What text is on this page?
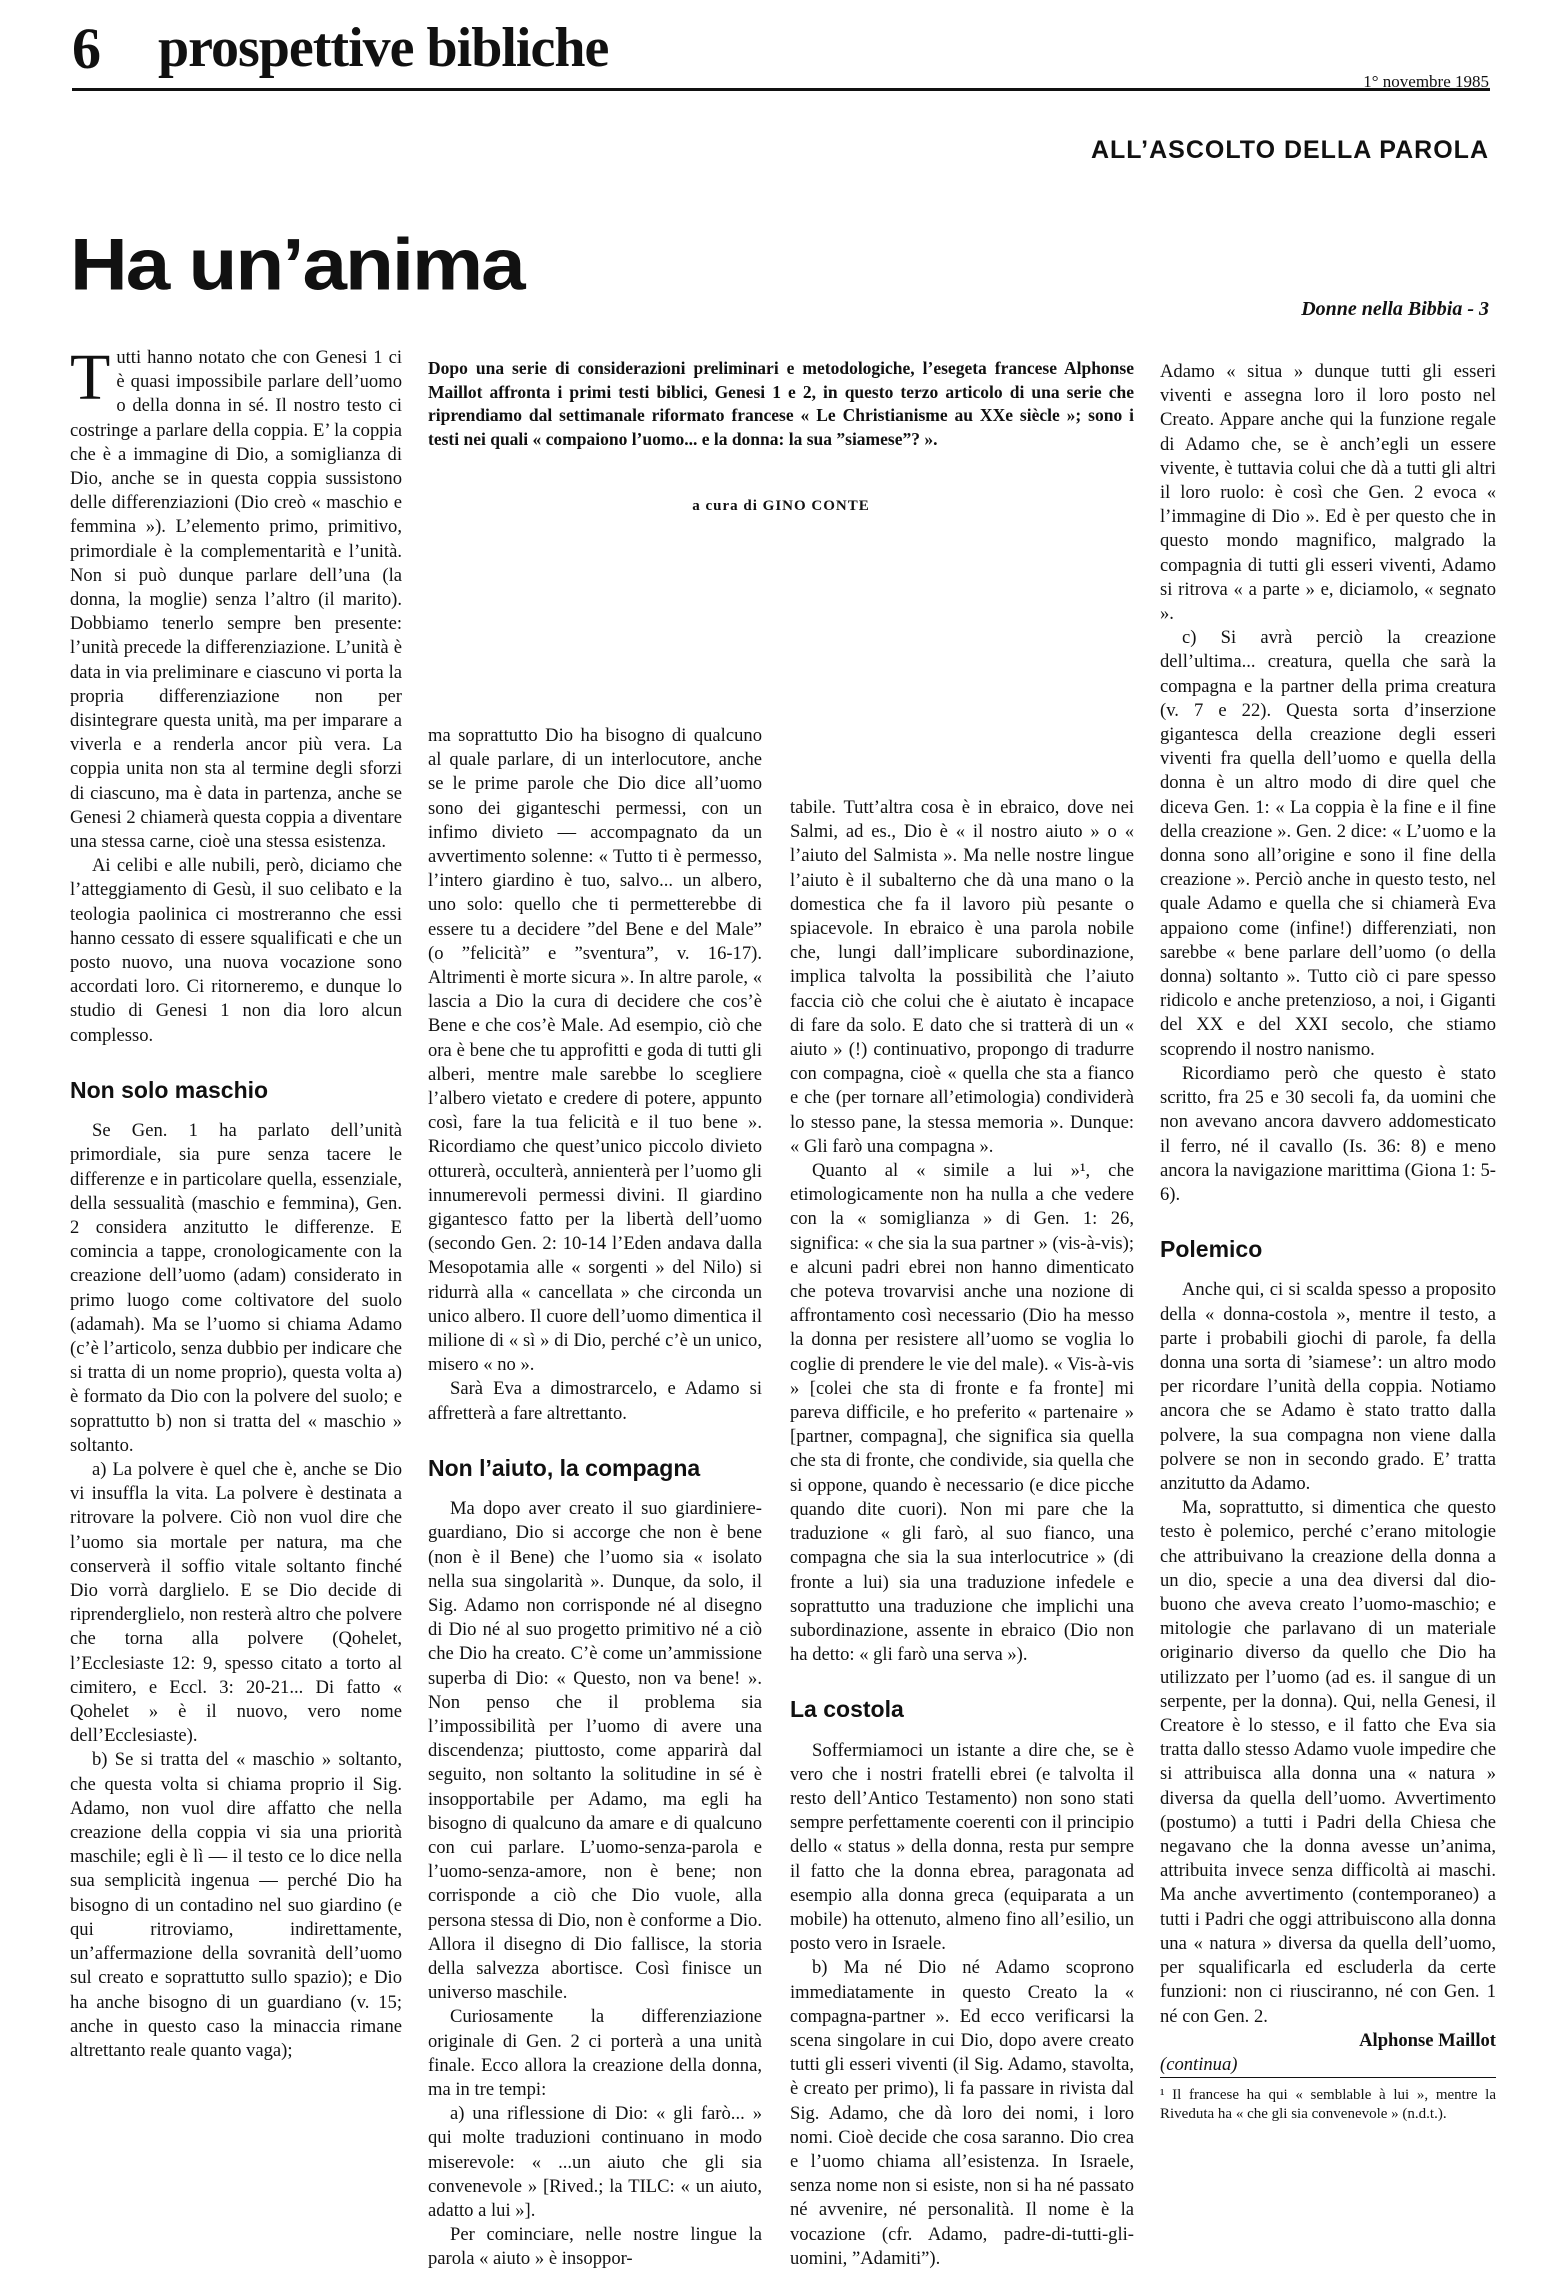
6 prospettive bibliche
1° novembre 1985
ALL’ASCOLTO DELLA PAROLA
Ha un’anima
Donne nella Bibbia - 3
Dopo una serie di considerazioni preliminari e metodologiche, l’esegeta francese Alphonse Maillot affronta i primi testi biblici, Genesi 1 e 2, in questo terzo articolo di una serie che riprendiamo dal settimanale riformato francese « Le Christianisme au XXe siècle »; sono i testi nei quali « compaiono l’uomo... e la donna: la sua ”siamese”? ».
a cura di GINO CONTE

Tutti hanno notato che con Genesi 1 ci è quasi impossibile parlare dell’uomo o della donna in sé. Il nostro testo ci costringe a parlare della coppia. E’ la coppia che è a immagine di Dio, a somiglianza di Dio, anche se in questa coppia sussistono delle differenziazioni (Dio creò « maschio e femmina »). L’elemento primo, primitivo, primordiale è la complementarità e l’unità. Non si può dunque parlare dell’una (la donna, la moglie) senza l’altro (il marito). Dobbiamo tenerlo sempre ben presente: l’unità precede la differenziazione. L’unità è data in via preliminare e ciascuno vi porta la propria differenziazione non per disintegrare questa unità, ma per imparare a viverla e a renderla ancor più vera. La coppia unita non sta al termine degli sforzi di ciascuno, ma è data in partenza, anche se Genesi 2 chiamerà questa coppia a diventare una stessa carne, cioè una stessa esistenza.

Ai celibi e alle nubili, però, diciamo che l’atteggiamento di Gesù, il suo celibato e la teologia paolinica ci mostreranno che essi hanno cessato di essere squalificati e che un posto nuovo, una nuova vocazione sono accordati loro. Ci ritorneremo, e dunque lo studio di Genesi 1 non dia loro alcun complesso.

Non solo maschio

Se Gen. 1 ha parlato dell’unità primordiale, sia pure senza tacere le differenze e in particolare quella, essenziale, della sessualità (maschio e femmina), Gen. 2 considera anzitutto le differenze. E comincia a tappe, cronologicamente con la creazione dell’uomo (adam) considerato in primo luogo come coltivatore del suolo (adamah). Ma se l’uomo si chiama Adamo (c’è l’articolo, senza dubbio per indicare che si tratta di un nome proprio), questa volta a) è formato da Dio con la polvere del suolo; e soprattutto b) non si tratta del « maschio » soltanto.

a) La polvere è quel che è, anche se Dio vi insuffla la vita. La polvere è destinata a ritrovare la polvere. Ciò non vuol dire che l’uomo sia mortale per natura, ma che conserverà il soffio vitale soltanto finché Dio vorrà darglielo. E se Dio decide di riprenderglielo, non resterà altro che polvere che torna alla polvere (Qohelet, l’Ecclesiaste 12: 9, spesso citato a torto al cimitero, e Eccl. 3: 20-21... Di fatto « Qohelet » è il nuovo, vero nome dell’Ecclesiaste).

b) Se si tratta del « maschio » soltanto, che questa volta si chiama proprio il Sig. Adamo, non vuol dire affatto che nella creazione della coppia vi sia una priorità maschile; egli è lì — il testo ce lo dice nella sua semplicità ingenua — perché Dio ha bisogno di un contadino nel suo giardino (e qui ritroviamo, indirettamente, un’affermazione della sovranità dell’uomo sul creato e soprattutto sullo spazio); e Dio ha anche bisogno di un guardiano (v. 15; anche in questo caso la minaccia rimane altrettanto reale quanto vaga);

ma soprattutto Dio ha bisogno di qualcuno al quale parlare, di un interlocutore, anche se le prime parole che Dio dice all’uomo sono dei giganteschi permessi, con un infimo divieto — accompagnato da un avvertimento solenne: « Tutto ti è permesso, l’intero giardino è tuo, salvo... un albero, uno solo: quello che ti permetterebbe di essere tu a decidere ”del Bene e del Male” (o ”felicità” e ”sventura”, v. 16-17). Altrimenti è morte sicura ». In altre parole, « lascia a Dio la cura di decidere che cos’è Bene e che cos’è Male. Ad esempio, ciò che ora è bene che tu approfitti e goda di tutti gli alberi, mentre male sarebbe lo scegliere l’albero vietato e credere di potere, appunto così, fare la tua felicità e il tuo bene ». Ricordiamo che quest’unico piccolo divieto otturerà, occulterà, annienterà per l’uomo gli innumerevoli permessi divini. Il giardino gigantesco fatto per la libertà dell’uomo (secondo Gen. 2: 10-14 l’Eden andava dalla Mesopotamia alle « sorgenti » del Nilo) si ridurrà alla « cancellata » che circonda un unico albero. Il cuore dell’uomo dimentica il milione di « sì » di Dio, perché c’è un unico, misero « no ».

Sarà Eva a dimostrarcelo, e Adamo si affretterà a fare altrettanto.

Non l’aiuto, la compagna

Ma dopo aver creato il suo giardiniere-guardiano, Dio si accorge che non è bene (non è il Bene) che l’uomo sia « isolato nella sua singolarità ». Dunque, da solo, il Sig. Adamo non corrisponde né al disegno di Dio né al suo progetto primitivo né a ciò che Dio ha creato. C’è come un’ammissione superba di Dio: « Questo, non va bene! ». Non penso che il problema sia l’impossibilità per l’uomo di avere una discendenza; piuttosto, come apparirà dal seguito, non soltanto la solitudine in sé è insopportabile per Adamo, ma egli ha bisogno di qualcuno da amare e di qualcuno con cui parlare. L’uomo-senza-parola e l’uomo-senza-amore, non è bene; non corrisponde a ciò che Dio vuole, alla persona stessa di Dio, non è conforme a Dio. Allora il disegno di Dio fallisce, la storia della salvezza abortisce. Così finisce un universo maschile.

Curiosamente la differenziazione originale di Gen. 2 ci porterà a una unità finale. Ecco allora la creazione della donna, ma in tre tempi:

a) una riflessione di Dio: « gli farò... » qui molte traduzioni continuano in modo miserevole: « ...un aiuto che gli sia convenevole » [Rived.; la TILC: « un aiuto, adatto a lui »].

Per cominciare, nelle nostre lingue la parola « aiuto » è insoppor-

tabile. Tutt’altra cosa è in ebraico, dove nei Salmi, ad es., Dio è « il nostro aiuto » o « l’aiuto del Salmista ». Ma nelle nostre lingue l’aiuto è il subalterno che dà una mano o la domestica che fa il lavoro più pesante o spiacevole. In ebraico è una parola nobile che, lungi dall’implicare subordinazione, implica talvolta la possibilità che l’aiuto faccia ciò che colui che è aiutato è incapace di fare da solo. E dato che si tratterà di un « aiuto » (!) continuativo, propongo di tradurre con compagna, cioè « quella che sta a fianco e che (per tornare all’etimologia) condividerà lo stesso pane, la stessa memoria ». Dunque: « Gli farò una compagna ».

Quanto al « simile a lui »¹, che etimologicamente non ha nulla a che vedere con la « somiglianza » di Gen. 1: 26, significa: « che sia la sua partner » (vis-à-vis); e alcuni padri ebrei non hanno dimenticato che poteva trovarvisi anche una nozione di affrontamento così necessario (Dio ha messo la donna per resistere all’uomo se voglia lo coglie di prendere le vie del male). « Vis-à-vis » [colei che sta di fronte e fa fronte] mi pareva difficile, e ho preferito « partenaire » [partner, compagna], che significa sia quella che sta di fronte, che condivide, sia quella che si oppone, quando è necessario (e dice picche quando dite cuori). Non mi pare che la traduzione « gli farò, al suo fianco, una compagna che sia la sua interlocutrice » (di fronte a lui) sia una traduzione infedele e soprattutto una traduzione che implichi una subordinazione, assente in ebraico (Dio non ha detto: « gli farò una serva »).

La costola

Soffermiamoci un istante a dire che, se è vero che i nostri fratelli ebrei (e talvolta il resto dell’Antico Testamento) non sono stati sempre perfettamente coerenti con il principio dello « status » della donna, resta pur sempre il fatto che la donna ebrea, paragonata ad esempio alla donna greca (equiparata a un mobile) ha ottenuto, almeno fino all’esilio, un posto vero in Israele.

b) Ma né Dio né Adamo scoprono immediatamente in questo Creato la « compagna-partner ». Ed ecco verificarsi la scena singolare in cui Dio, dopo avere creato tutti gli esseri viventi (il Sig. Adamo, stavolta, è creato per primo), li fa passare in rivista dal Sig. Adamo, che dà loro dei nomi, i loro nomi. Cioè decide che cosa saranno. Dio crea e l’uomo chiama all’esistenza. In Israele, senza nome non si esiste, non si ha né passato né avvenire, né personalità. Il nome è la vocazione (cfr. Adamo, padre-di-tutti-gli-uomini, ”Adamiti”).

Adamo « situa » dunque tutti gli esseri viventi e assegna loro il loro posto nel Creato. Appare anche qui la funzione regale di Adamo che, se è anch’egli un essere vivente, è tuttavia colui che dà a tutti gli altri il loro ruolo: è così che Gen. 2 evoca « l’immagine di Dio ». Ed è per questo che in questo mondo magnifico, malgrado la compagnia di tutti gli esseri viventi, Adamo si ritrova « a parte » e, diciamolo, « segnato ».

c) Si avrà perciò la creazione dell’ultima... creatura, quella che sarà la compagna e la partner della prima creatura (v. 7 e 22). Questa sorta d’inserzione gigantesca della creazione degli esseri viventi fra quella dell’uomo e quella della donna è un altro modo di dire quel che diceva Gen. 1: « La coppia è la fine e il fine della creazione ». Gen. 2 dice: « L’uomo e la donna sono all’origine e sono il fine della creazione ». Perciò anche in questo testo, nel quale Adamo e quella che si chiamerà Eva appaiono come (infine!) differenziati, non sarebbe « bene parlare dell’uomo (o della donna) soltanto ». Tutto ciò ci pare spesso ridicolo e anche pretenzioso, a noi, i Giganti del XX e del XXI secolo, che stiamo scoprendo il nostro nanismo.

Ricordiamo però che questo è stato scritto, fra 25 e 30 secoli fa, da uomini che non avevano ancora davvero addomesticato il ferro, né il cavallo (Is. 36: 8) e meno ancora la navigazione marittima (Giona 1: 5-6).

Polemico

Anche qui, ci si scalda spesso a proposito della « donna-costola », mentre il testo, a parte i probabili giochi di parole, fa della donna una sorta di ’siamese’: un altro modo per ricordare l’unità della coppia. Notiamo ancora che se Adamo è stato tratto dalla polvere, la sua compagna non viene dalla polvere se non in secondo grado. E’ tratta anzitutto da Adamo.

Ma, soprattutto, si dimentica che questo testo è polemico, perché c’erano mitologie che attribuivano la creazione della donna a un dio, specie a una dea diversi dal dio-buono che aveva creato l’uomo-maschio; e mitologie che parlavano di un materiale originario diverso da quello che Dio ha utilizzato per l’uomo (ad es. il sangue di un serpente, per la donna). Qui, nella Genesi, il Creatore è lo stesso, e il fatto che Eva sia tratta dallo stesso Adamo vuole impedire che si attribuisca alla donna una « natura » diversa da quella dell’uomo. Avvertimento (postumo) a tutti i Padri della Chiesa che negavano che la donna avesse un’anima, attribuita invece senza difficoltà ai maschi. Ma anche avvertimento (contemporaneo) a tutti i Padri che oggi attribuiscono alla donna una « natura » diversa da quella dell’uomo, per squalificarla ed escluderla da certe funzioni: non ci riusciranno, né con Gen. 1 né con Gen. 2.

Alphonse Maillot

(continua)

¹ Il francese ha qui « semblable à lui », mentre la Riveduta ha « che gli sia convenevole » (n.d.t.).
